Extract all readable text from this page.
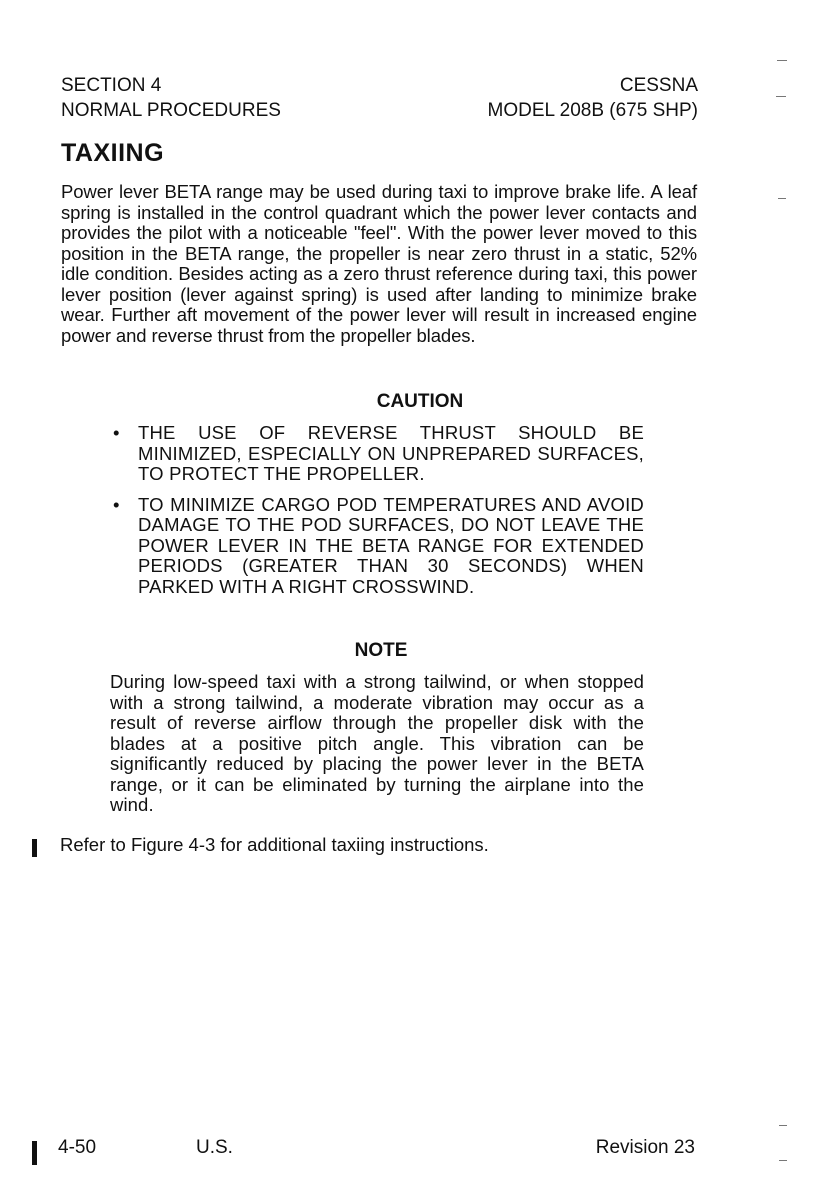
SECTION 4
NORMAL PROCEDURES
CESSNA
MODEL 208B (675 SHP)
TAXIING

Power lever BETA range may be used during taxi to improve brake life. A leaf spring is installed in the control quadrant which the power lever contacts and provides the pilot with a noticeable "feel". With the power lever moved to this position in the BETA range, the propeller is near zero thrust in a static, 52% idle condition. Besides acting as a zero thrust reference during taxi, this power lever position (lever against spring) is used after landing to minimize brake wear. Further aft movement of the power lever will result in increased engine power and reverse thrust from the propeller blades.

CAUTION
• THE USE OF REVERSE THRUST SHOULD BE MINIMIZED, ESPECIALLY ON UNPREPARED SURFACES, TO PROTECT THE PROPELLER.
• TO MINIMIZE CARGO POD TEMPERATURES AND AVOID DAMAGE TO THE POD SURFACES, DO NOT LEAVE THE POWER LEVER IN THE BETA RANGE FOR EXTENDED PERIODS (GREATER THAN 30 SECONDS) WHEN PARKED WITH A RIGHT CROSSWIND.
NOTE

During low-speed taxi with a strong tailwind, or when stopped with a strong tailwind, a moderate vibration may occur as a result of reverse airflow through the propeller disk with the blades at a positive pitch angle. This vibration can be significantly reduced by placing the power lever in the BETA range, or it can be eliminated by turning the airplane into the wind.

Refer to Figure 4-3 for additional taxiing instructions.
4-50	U.S.	Revision 23
